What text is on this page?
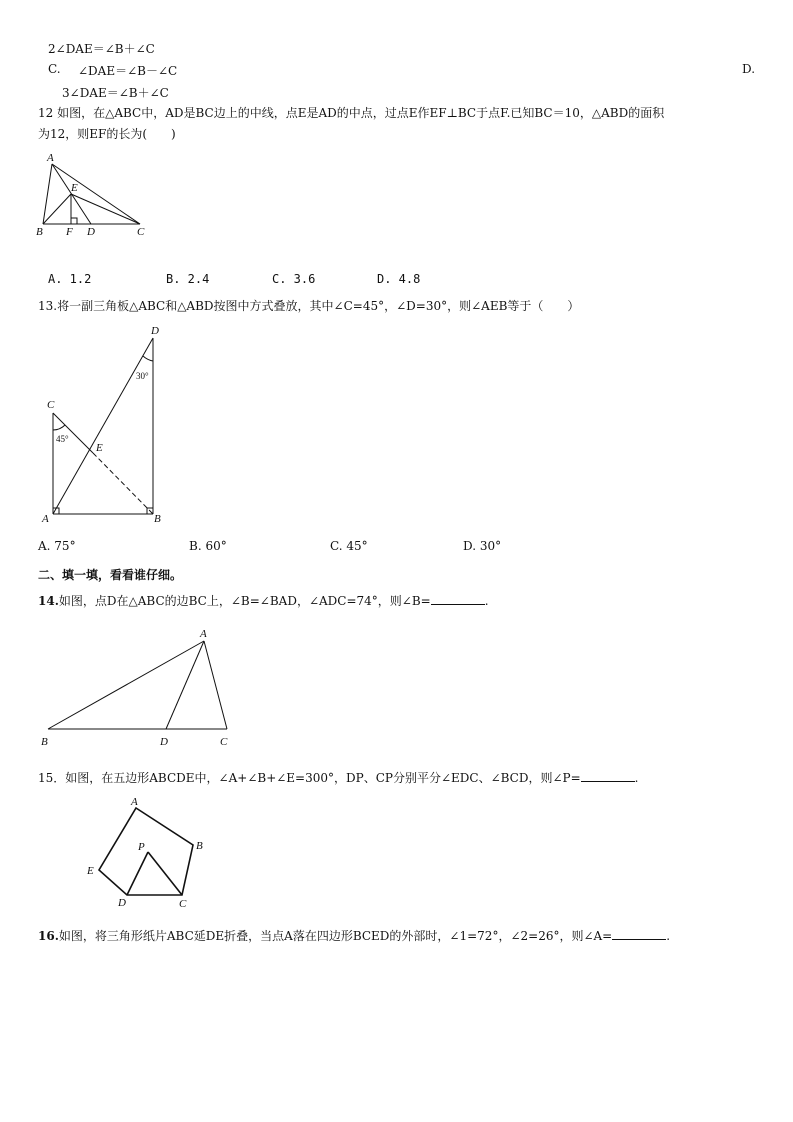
2∠DAE＝∠B＋∠C
C. ∠DAE＝∠B－∠C	D.
3∠DAE＝∠B＋∠C
12 如图，在△ABC中，AD是BC边上的中线，点E是AD的中点，过点E作EF⊥BC于点F.已知BC＝10，△ABD的面积
为12，则EF的长为(　　)
A
E
B F D	C
A. 1.2	B. 2.4	C. 3.6	D. 4.8
13.将一副三角板△ABC和△ABD按图中方式叠放，其中∠C=45°，∠D=30°，则∠AEB等于（　　）
D
C
E
A	B
30°
45°
A. 75°	B. 60°	C. 45°	D. 30°
二、填一填，看看谁仔细。
14.如图，点D在△ABC的边BC上，∠B=∠BAD，∠ADC=74°，则∠B=	.
A
B	D	C
15．如图，在五边形ABCDE中，∠A+∠B+∠E=300°，DP、CP分别平分∠EDC、∠BCD，则∠P=	.
A
B
P
E
D	C
16.如图，将三角形纸片ABC延DE折叠，当点A落在四边形BCED的外部时，∠1=72°，∠2=26°，则∠A=	.
